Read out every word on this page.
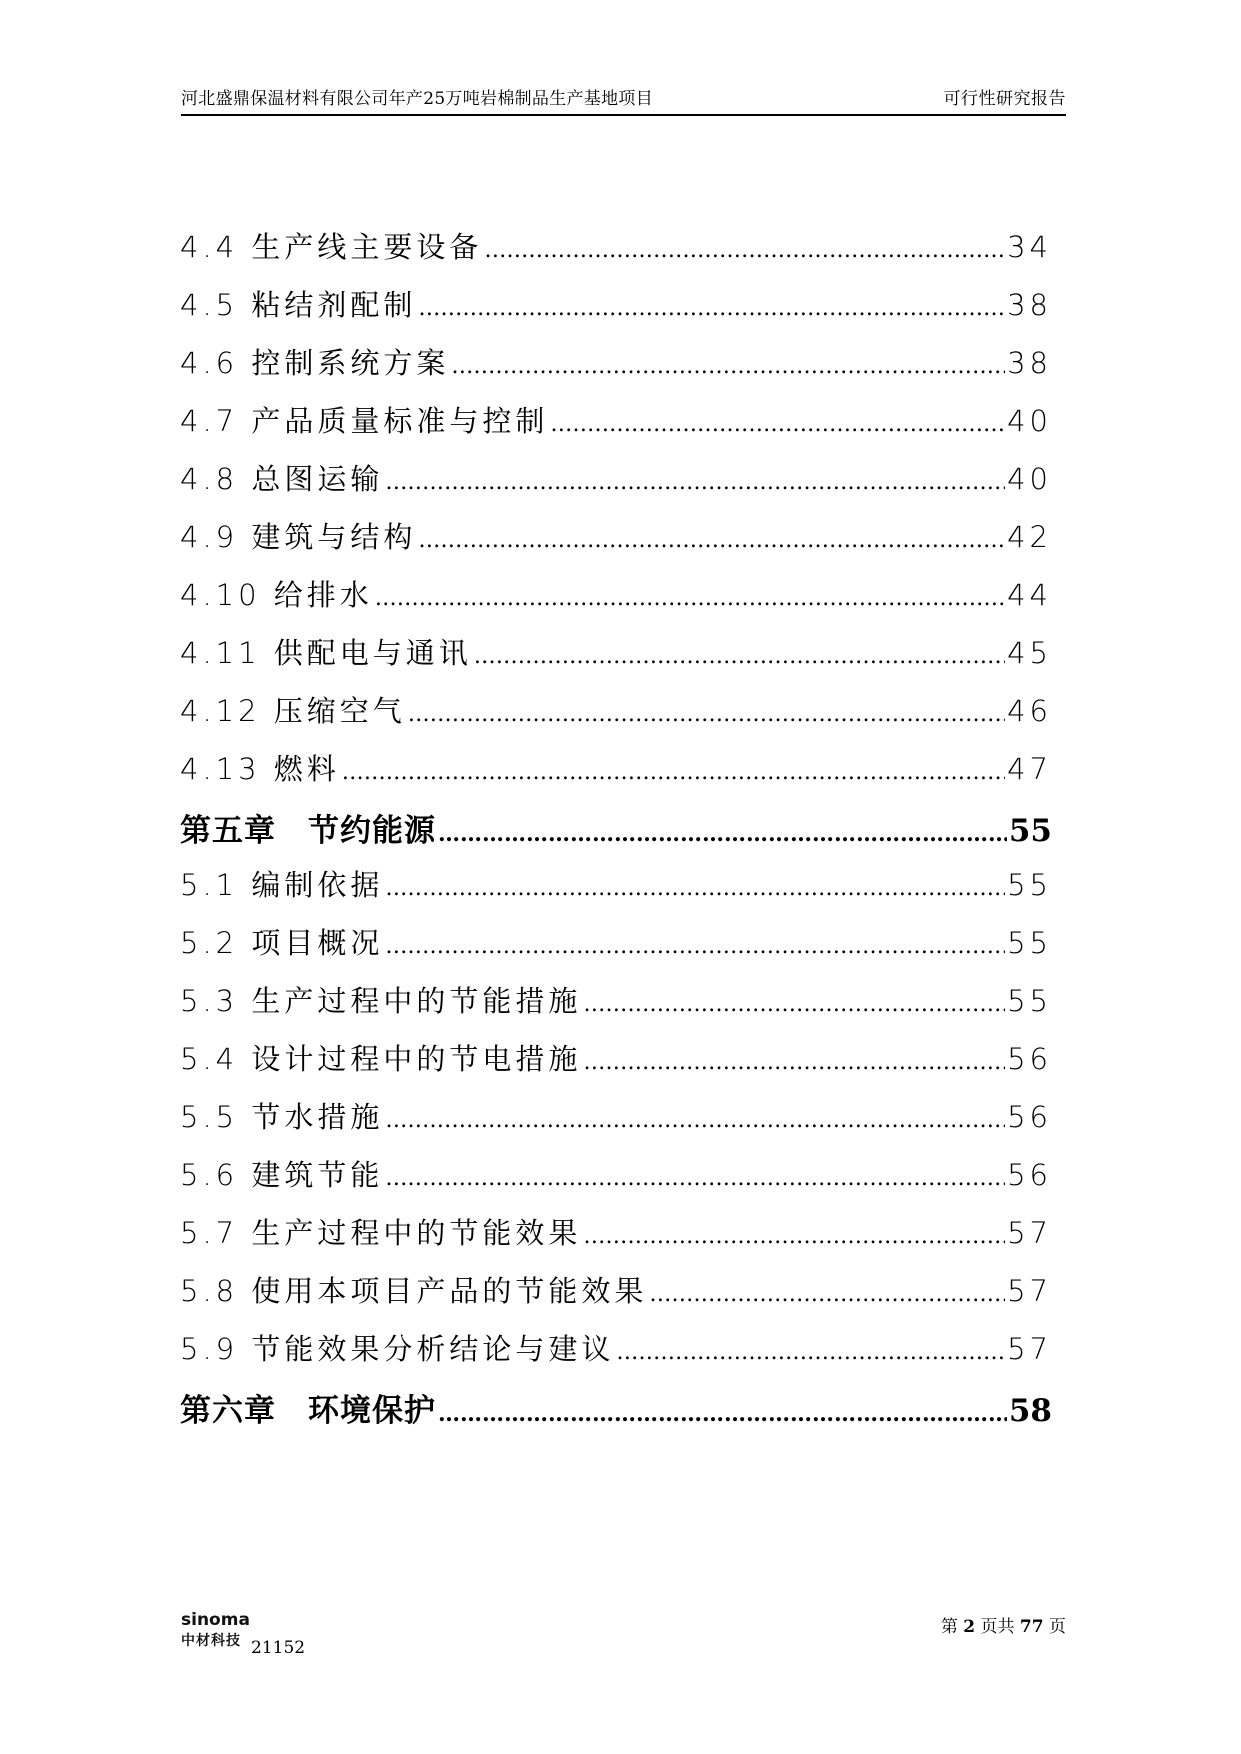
河北盛鼎保温材料有限公司年产25万吨岩棉制品生产基地项目	可行性研究报告
4.4 生产线主要设备 ……………………………………………………………………………………………………………………………………………………………………………………	34
4.5 粘结剂配制 ……………………………………………………………………………………………………………………………………………………………………………………	38
4.6 控制系统方案 ……………………………………………………………………………………………………………………………………………………………………………………	38
4.7 产品质量标准与控制 ……………………………………………………………………………………………………………………………………………………………………………………	40
4.8 总图运输 ……………………………………………………………………………………………………………………………………………………………………………………	40
4.9 建筑与结构 ……………………………………………………………………………………………………………………………………………………………………………………	42
4.10 给排水 ……………………………………………………………………………………………………………………………………………………………………………………	44
4.11 供配电与通讯 ……………………………………………………………………………………………………………………………………………………………………………………	45
4.12 压缩空气 ……………………………………………………………………………………………………………………………………………………………………………………	46
4.13 燃料 ……………………………………………………………………………………………………………………………………………………………………………………	47
第五章　节约能源 ……………………………………………………………………………………………………………………………………………………………………………………	55
5.1 编制依据 ……………………………………………………………………………………………………………………………………………………………………………………	55
5.2 项目概况 ……………………………………………………………………………………………………………………………………………………………………………………	55
5.3 生产过程中的节能措施 ……………………………………………………………………………………………………………………………………………………………………………………	55
5.4 设计过程中的节电措施 ……………………………………………………………………………………………………………………………………………………………………………………	56
5.5 节水措施 ……………………………………………………………………………………………………………………………………………………………………………………	56
5.6 建筑节能 ……………………………………………………………………………………………………………………………………………………………………………………	56
5.7 生产过程中的节能效果 ……………………………………………………………………………………………………………………………………………………………………………………	57
5.8 使用本项目产品的节能效果 ……………………………………………………………………………………………………………………………………………………………………………………	57
5.9 节能效果分析结论与建议 ……………………………………………………………………………………………………………………………………………………………………………………	57
第六章　环境保护 ……………………………………………………………………………………………………………………………………………………………………………………	58
sinoma
中材科技 21152
第 2 页共 77 页
